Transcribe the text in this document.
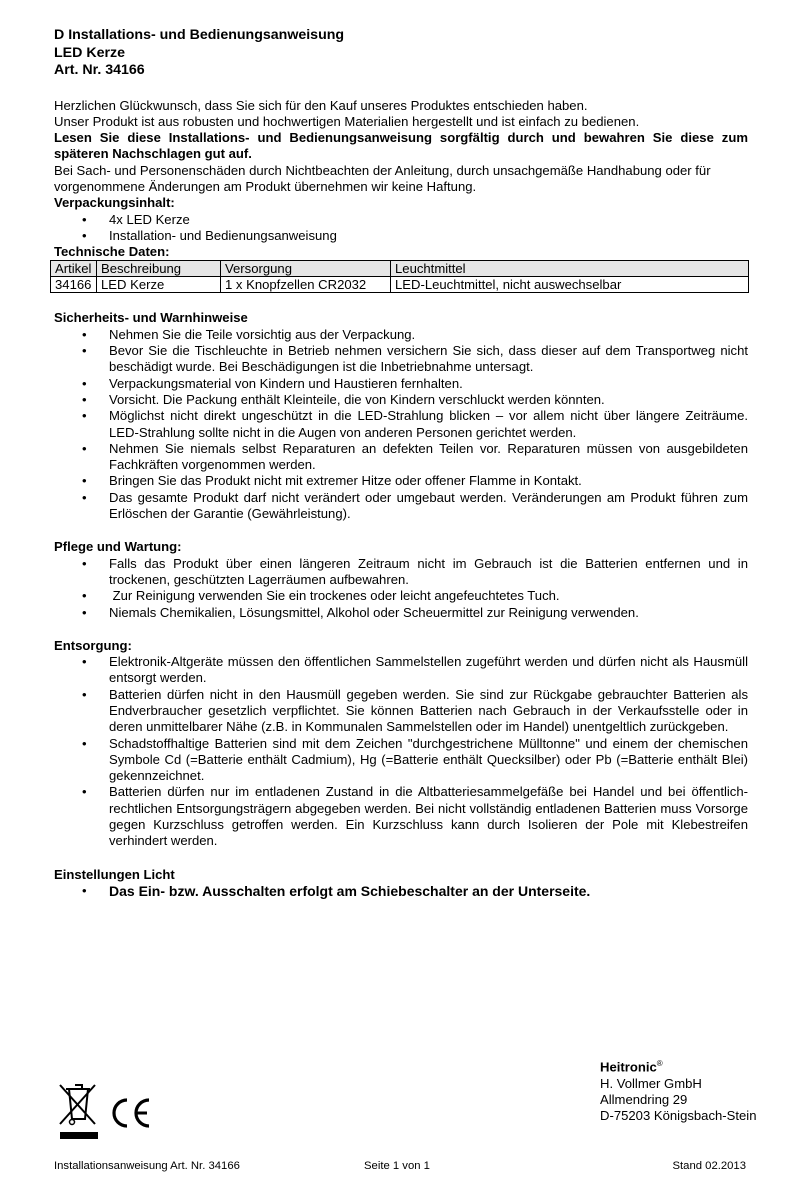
D Installations- und Bedienungsanweisung
LED Kerze
Art. Nr. 34166
Herzlichen Glückwunsch, dass Sie sich für den Kauf unseres Produktes entschieden haben.
Unser Produkt ist aus robusten und hochwertigen Materialien hergestellt und ist einfach zu bedienen.
Lesen Sie diese Installations- und Bedienungsanweisung sorgfältig durch und bewahren Sie diese zum späteren Nachschlagen gut auf.
Bei Sach- und Personenschäden durch Nichtbeachten der Anleitung, durch unsachgemäße Handhabung oder für vorgenommene Änderungen am Produkt übernehmen wir keine Haftung.
Verpackungsinhalt:
• 4x LED Kerze
• Installation- und Bedienungsanweisung
Technische Daten:
Artikel	Beschreibung	Versorgung	Leuchtmittel
34166	LED Kerze	1 x Knopfzellen CR2032	LED-Leuchtmittel, nicht auswechselbar
Sicherheits- und Warnhinweise
• Nehmen Sie die Teile vorsichtig aus der Verpackung.
• Bevor Sie die Tischleuchte in Betrieb nehmen versichern Sie sich, dass dieser auf dem Transportweg nicht beschädigt wurde. Bei Beschädigungen ist die Inbetriebnahme untersagt.
• Verpackungsmaterial von Kindern und Haustieren fernhalten.
• Vorsicht. Die Packung enthält Kleinteile, die von Kindern verschluckt werden könnten.
• Möglichst nicht direkt ungeschützt in die LED-Strahlung blicken – vor allem nicht über längere Zeiträume. LED-Strahlung sollte nicht in die Augen von anderen Personen gerichtet werden.
• Nehmen Sie niemals selbst Reparaturen an defekten Teilen vor. Reparaturen müssen von ausgebildeten Fachkräften vorgenommen werden.
• Bringen Sie das Produkt nicht mit extremer Hitze oder offener Flamme in Kontakt.
• Das gesamte Produkt darf nicht verändert oder umgebaut werden. Veränderungen am Produkt führen zum Erlöschen der Garantie (Gewährleistung).
Pflege und Wartung:
• Falls das Produkt über einen längeren Zeitraum nicht im Gebrauch ist die Batterien entfernen und in trockenen, geschützten Lagerräumen aufbewahren.
•  Zur Reinigung verwenden Sie ein trockenes oder leicht angefeuchtetes Tuch.
• Niemals Chemikalien, Lösungsmittel, Alkohol oder Scheuermittel zur Reinigung verwenden.
Entsorgung:
• Elektronik-Altgeräte müssen den öffentlichen Sammelstellen zugeführt werden und dürfen nicht als Hausmüll entsorgt werden.
• Batterien dürfen nicht in den Hausmüll gegeben werden. Sie sind zur Rückgabe gebrauchter Batterien als Endverbraucher gesetzlich verpflichtet. Sie können Batterien nach Gebrauch in der Verkaufsstelle oder in deren unmittelbarer Nähe (z.B. in Kommunalen Sammelstellen oder im Handel) unentgeltlich zurückgeben.
• Schadstoffhaltige Batterien sind mit dem Zeichen "durchgestrichene Mülltonne" und einem der chemischen Symbole Cd (=Batterie enthält Cadmium), Hg (=Batterie enthält Quecksilber) oder Pb (=Batterie enthält Blei) gekennzeichnet.
• Batterien dürfen nur im entladenen Zustand in die Altbatteriesammelgefäße bei Handel und bei öffentlich-rechtlichen Entsorgungsträgern abgegeben werden. Bei nicht vollständig entladenen Batterien muss Vorsorge gegen Kurzschluss getroffen werden. Ein Kurzschluss kann durch Isolieren der Pole mit Klebestreifen verhindert werden.
Einstellungen Licht
• Das Ein- bzw. Ausschalten erfolgt am Schiebeschalter an der Unterseite.
Heitronic®
H. Vollmer GmbH
Allmendring 29
D-75203 Königsbach-Stein
Installationsanweisung Art. Nr. 34166	Seite 1 von 1	Stand 02.2013
